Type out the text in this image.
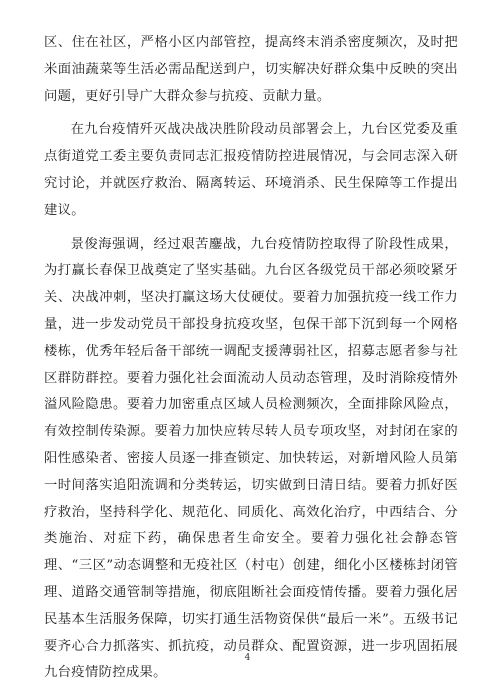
区、住在社区，严格小区内部管控，提高终末消杀密度频次，及时把米面油蔬菜等生活必需品配送到户，切实解决好群众集中反映的突出问题，更好引导广大群众参与抗疫、贡献力量。

在九台疫情歼灭战决战决胜阶段动员部署会上，九台区党委及重点街道党工委主要负责同志汇报疫情防控进展情况，与会同志深入研究讨论，并就医疗救治、隔离转运、环境消杀、民生保障等工作提出建议。

景俊海强调，经过艰苦鏖战，九台疫情防控取得了阶段性成果，为打赢长春保卫战奠定了坚实基础。九台区各级党员干部必须咬紧牙关、决战冲刺，坚决打赢这场大仗硬仗。要着力加强抗疫一线工作力量，进一步发动党员干部投身抗疫攻坚，包保干部下沉到每一个网格楼栋，优秀年轻后备干部统一调配支援薄弱社区，招募志愿者参与社区群防群控。要着力强化社会面流动人员动态管理，及时消除疫情外溢风险隐患。要着力加密重点区域人员检测频次，全面排除风险点，有效控制传染源。要着力加快应转尽转人员专项攻坚，对封闭在家的阳性感染者、密接人员逐一排查锁定、加快转运，对新增风险人员第一时间落实追阳流调和分类转运，切实做到日清日结。要着力抓好医疗救治，坚持科学化、规范化、同质化、高效化治疗，中西结合、分类施治、对症下药，确保患者生命安全。要着力强化社会静态管理、“三区”动态调整和无疫社区（村屯）创建，细化小区楼栋封闭管理、道路交通管制等措施，彻底阻断社会面疫情传播。要着力强化居民基本生活服务保障，切实打通生活物资保供“最后一米”。五级书记要齐心合力抓落实、抓抗疫，动员群众、配置资源，进一步巩固拓展九台疫情防控成果。

4
